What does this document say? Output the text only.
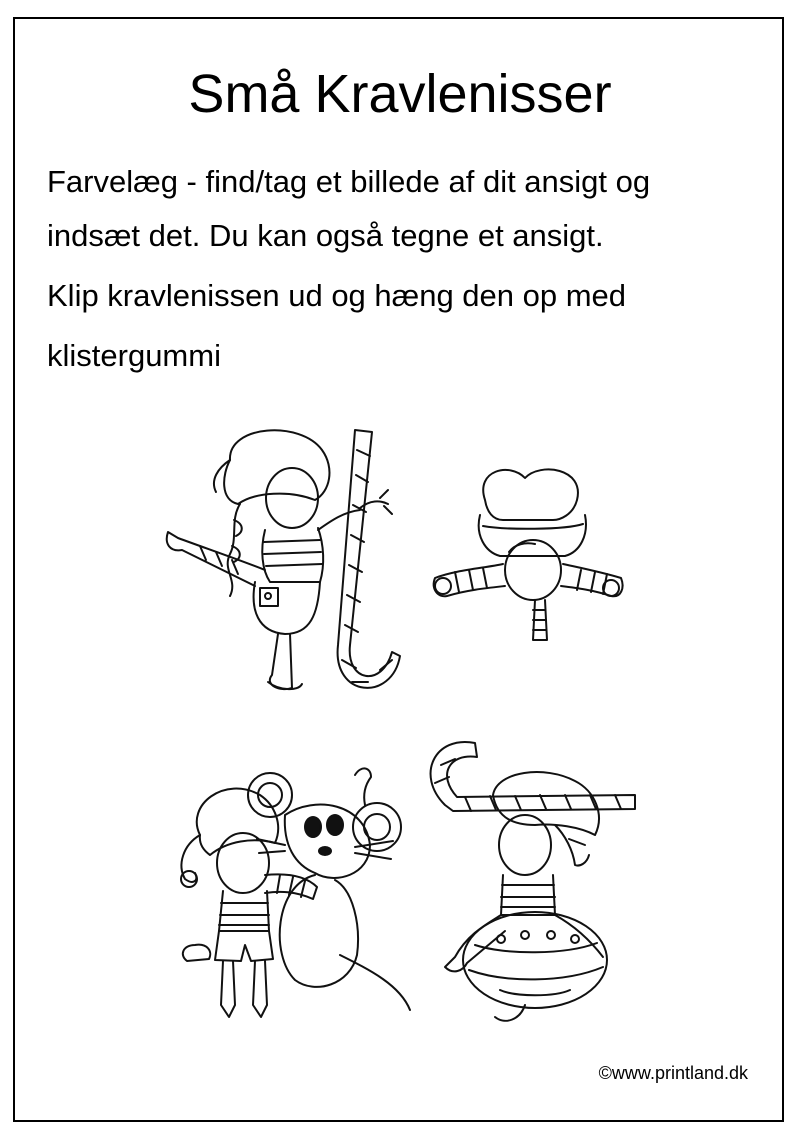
Små Kravlenisser
Farvelæg - find/tag et billede af dit ansigt og
indsæt det. Du kan også tegne et ansigt.
Klip kravlenissen ud og hæng den op med
klistergummi
©www.printland.dk
